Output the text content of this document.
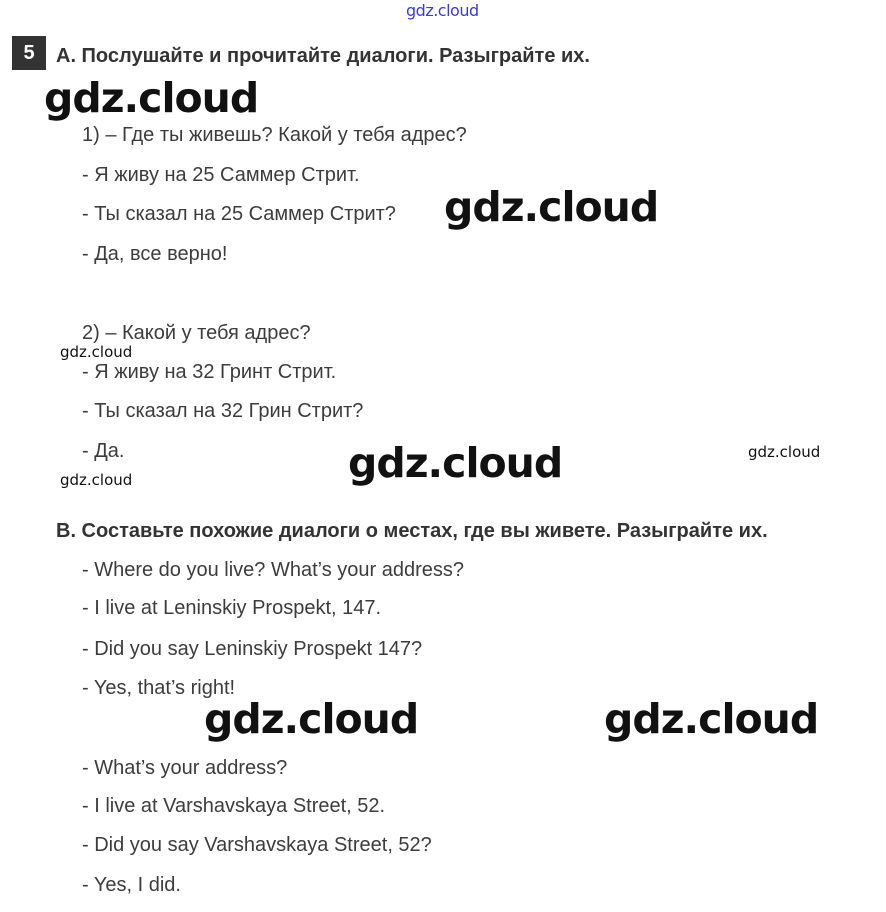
gdz.cloud
5	A. Послушайте и прочитайте диалоги. Разыграйте их.
1) – Где ты живешь? Какой у тебя адрес?
- Я живу на 25 Саммер Стрит.
- Ты сказал на 25 Саммер Стрит?
- Да, все верно!
2) – Какой у тебя адрес?
- Я живу на 32 Гринт Стрит.
- Ты сказал на 32 Грин Стрит?
- Да.
B. Составьте похожие диалоги о местах, где вы живете. Разыграйте их.
- Where do you live? What’s your address?
- I live at Leninskiy Prospekt, 147.
- Did you say Leninskiy Prospekt 147?
- Yes, that’s right!
- What’s your address?
- I live at Varshavskaya Street, 52.
- Did you say Varshavskaya Street, 52?
- Yes, I did.
gdz.cloud
gdz.cloud
gdz.cloud
gdz.cloud	gdz.cloud
gdz.cloud
gdz.cloud	gdz.cloud
